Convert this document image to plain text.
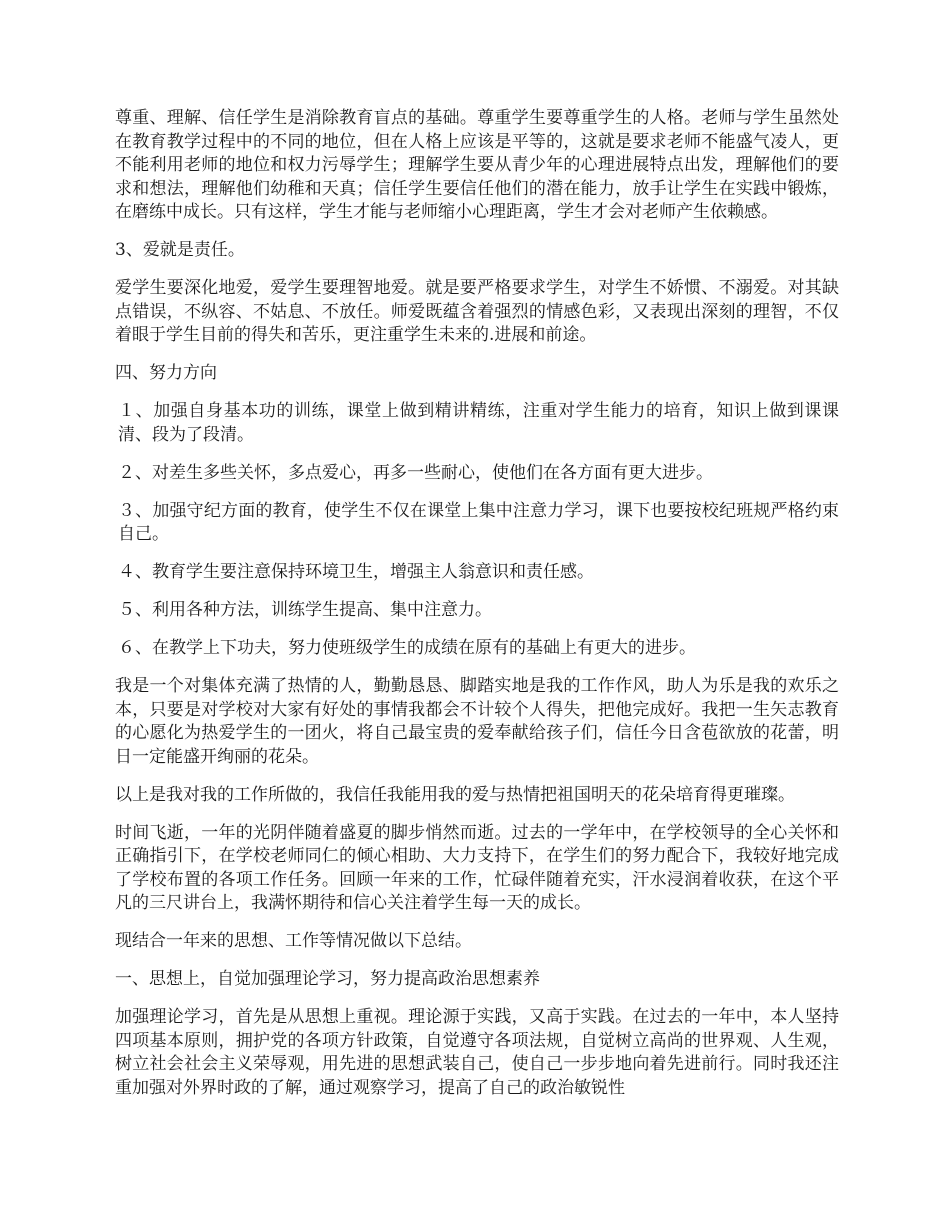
尊重、理解、信任学生是消除教育盲点的基础。尊重学生要尊重学生的人格。老师与学生虽然处在教育教学过程中的不同的地位，但在人格上应该是平等的，这就是要求老师不能盛气凌人，更不能利用老师的地位和权力污辱学生；理解学生要从青少年的心理进展特点出发，理解他们的要求和想法，理解他们幼稚和天真；信任学生要信任他们的潜在能力，放手让学生在实践中锻炼，在磨练中成长。只有这样，学生才能与老师缩小心理距离，学生才会对老师产生依赖感。

3、爱就是责任。

爱学生要深化地爱，爱学生要理智地爱。就是要严格要求学生，对学生不娇惯、不溺爱。对其缺点错误，不纵容、不姑息、不放任。师爱既蕴含着强烈的情感色彩，又表现出深刻的理智，不仅着眼于学生目前的得失和苦乐，更注重学生未来的.进展和前途。

四、努力方向

１、加强自身基本功的训练，课堂上做到精讲精练，注重对学生能力的培育，知识上做到课课清、段为了段清。

２、对差生多些关怀，多点爱心，再多一些耐心，使他们在各方面有更大进步。

３、加强守纪方面的教育，使学生不仅在课堂上集中注意力学习，课下也要按校纪班规严格约束自己。

４、教育学生要注意保持环境卫生，增强主人翁意识和责任感。

５、利用各种方法，训练学生提高、集中注意力。

６、在教学上下功夫，努力使班级学生的成绩在原有的基础上有更大的进步。

我是一个对集体充满了热情的人，勤勤恳恳、脚踏实地是我的工作作风，助人为乐是我的欢乐之本，只要是对学校对大家有好处的事情我都会不计较个人得失，把他完成好。我把一生矢志教育的心愿化为热爱学生的一团火，将自己最宝贵的爱奉献给孩子们，信任今日含苞欲放的花蕾，明日一定能盛开绚丽的花朵。

以上是我对我的工作所做的，我信任我能用我的爱与热情把祖国明天的花朵培育得更璀璨。

时间飞逝，一年的光阴伴随着盛夏的脚步悄然而逝。过去的一学年中，在学校领导的全心关怀和正确指引下，在学校老师同仁的倾心相助、大力支持下，在学生们的努力配合下，我较好地完成了学校布置的各项工作任务。回顾一年来的工作，忙碌伴随着充实，汗水浸润着收获，在这个平凡的三尺讲台上，我满怀期待和信心关注着学生每一天的成长。

现结合一年来的思想、工作等情况做以下总结。

一、思想上，自觉加强理论学习，努力提高政治思想素养

加强理论学习，首先是从思想上重视。理论源于实践，又高于实践。在过去的一年中，本人坚持四项基本原则，拥护党的各项方针政策，自觉遵守各项法规，自觉树立高尚的世界观、人生观，树立社会社会主义荣辱观，用先进的思想武装自己，使自己一步步地向着先进前行。同时我还注重加强对外界时政的了解，通过观察学习，提高了自己的政治敏锐性
